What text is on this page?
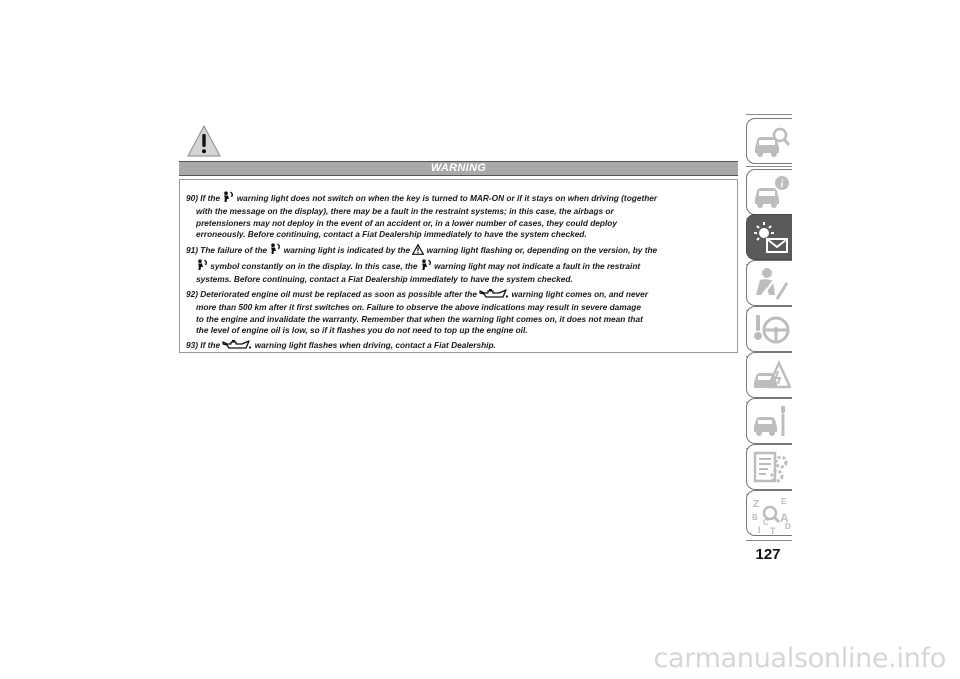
WARNING
90) If the  warning light does not switch on when the key is turned to MAR-ON or if it stays on when driving (together
with the message on the display), there may be a fault in the restraint systems; in this case, the airbags or
pretensioners may not deploy in the event of an accident or, in a lower number of cases, they could deploy
erroneously. Before continuing, contact a Fiat Dealership immediately to have the system checked.
91) The failure of the  warning light is indicated by the  warning light flashing or, depending on the version, by the
symbol constantly on in the display. In this case, the  warning light may not indicate a fault in the restraint
systems. Before continuing, contact a Fiat Dealership immediately to have the system checked.
92) Deteriorated engine oil must be replaced as soon as possible after the	warning light comes on, and never
more than 500 km after it first switches on. Failure to observe the above indications may result in severe damage
to the engine and invalidate the warranty. Remember that when the warning light comes on, it does not mean that
the level of engine oil is low, so if it flashes you do not need to top up the engine oil.
93) If the	warning light flashes when driving, contact a Fiat Dealership.
i
Z	E
B A
C D
I T
127
carmanualsonline.info
